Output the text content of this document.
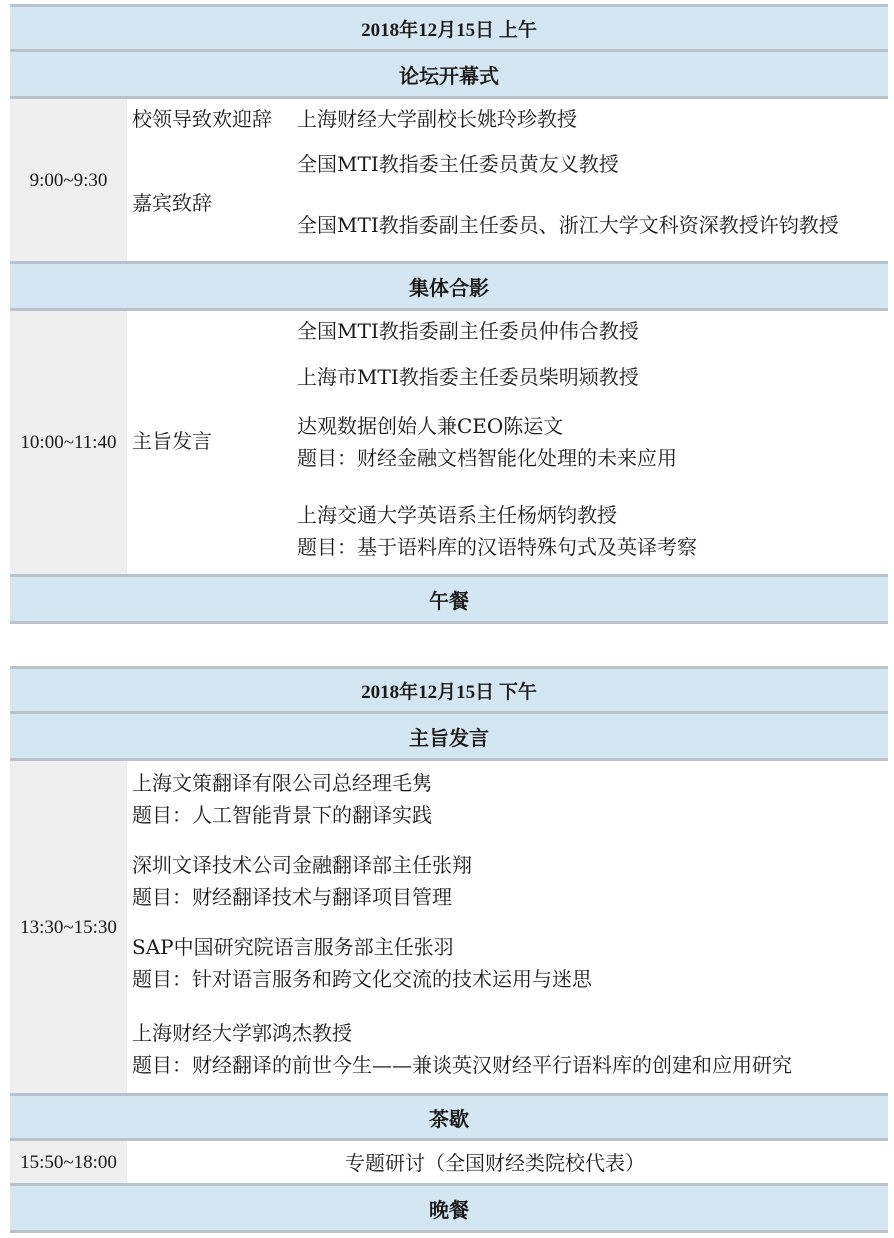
2018年12月15日 上午
论坛开幕式
9:00~9:30
校领导致欢迎辞 上海财经大学副校长姚玲珍教授
嘉宾致辞
全国MTI教指委主任委员黄友义教授
全国MTI教指委副主任委员、浙江大学文科资深教授许钧教授
集体合影
10:00~11:40 主旨发言
全国MTI教指委副主任委员仲伟合教授
上海市MTI教指委主任委员柴明颎教授
达观数据创始人兼CEO陈运文
题目：财经金融文档智能化处理的未来应用
上海交通大学英语系主任杨炳钧教授
题目：基于语料库的汉语特殊句式及英译考察
午餐
2018年12月15日 下午
主旨发言
13:30~15:30
上海文策翻译有限公司总经理毛隽
题目：人工智能背景下的翻译实践
深圳文译技术公司金融翻译部主任张翔
题目：财经翻译技术与翻译项目管理
SAP中国研究院语言服务部主任张羽
题目：针对语言服务和跨文化交流的技术运用与迷思
上海财经大学郭鸿杰教授
题目：财经翻译的前世今生——兼谈英汉财经平行语料库的创建和应用研究
茶歇
15:50~18:00	专题研讨（全国财经类院校代表）
晚餐
